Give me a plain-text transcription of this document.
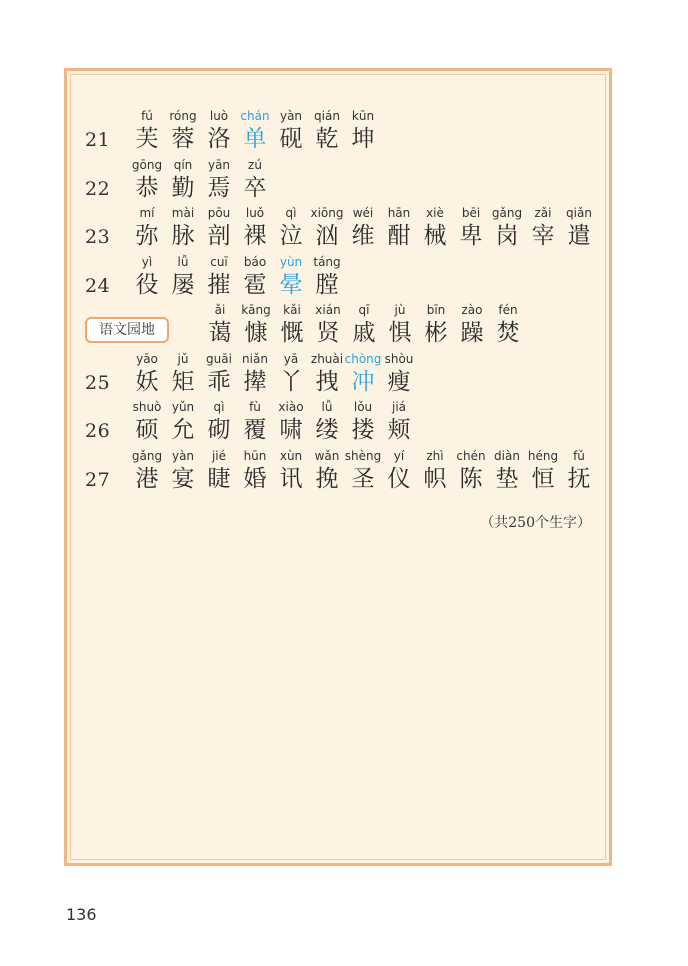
21
fú
芙
róng
蓉
luò
洛
chán
单
yàn
砚
qián
乾
kūn
坤
22
gōng
恭
qín
勤
yān
焉
zú
卒
23
mí
弥
mài
脉
pōu
剖
luǒ
裸
qì
泣
xiōng
汹
wéi
维
hān
酣
xiè
械
bēi
卑
gǎng
岗
zǎi
宰
qiǎn
遣
24
yì
役
lǚ
屡
cuī
摧
báo
雹
yùn
晕
táng
膛
ǎi
蔼
kāng
慷
kǎi
慨
xián
贤
qī
戚
jù
惧
bīn
彬
zào
躁
fén
焚
25
yāo
妖
jǔ
矩
guāi
乖
niǎn
撵
yā
丫
zhuài
拽
chòng
冲
shòu
瘦
26
shuò
硕
yǔn
允
qì
砌
fù
覆
xiào
啸
lǚ
缕
lǒu
搂
jiá
颊
27
gǎng
港
yàn
宴
jié
睫
hūn
婚
xùn
讯
wǎn
挽
shèng
圣
yí
仪
zhì
帜
chén
陈
diàn
垫
héng
恒
fǔ
抚
语文园地
（共250个生字）
136
